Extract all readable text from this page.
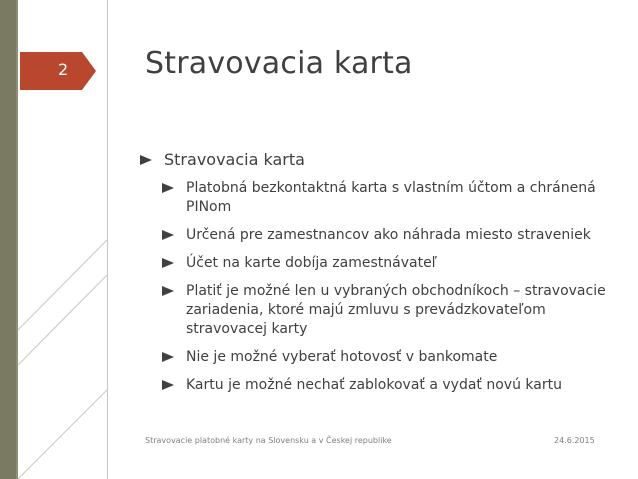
2	Stravovacia karta
Stravovacia karta
Platobná bezkontaktná karta s vlastním účtom a chránená PINom
Určená pre zamestnancov ako náhrada miesto straveniek
Účet na karte dobíja zamestnávateľ
Platiť je možné len u vybraných obchodníkoch – stravovacie zariadenia, ktoré majú zmluvu s prevádzkovateľom stravovacej karty
Nie je možné vyberať hotovosť v bankomate
Kartu je možné nechať zablokovať a vydať novú kartu
Stravovacie platobné karty na Slovensku a v Českej republike	24.6.2015
